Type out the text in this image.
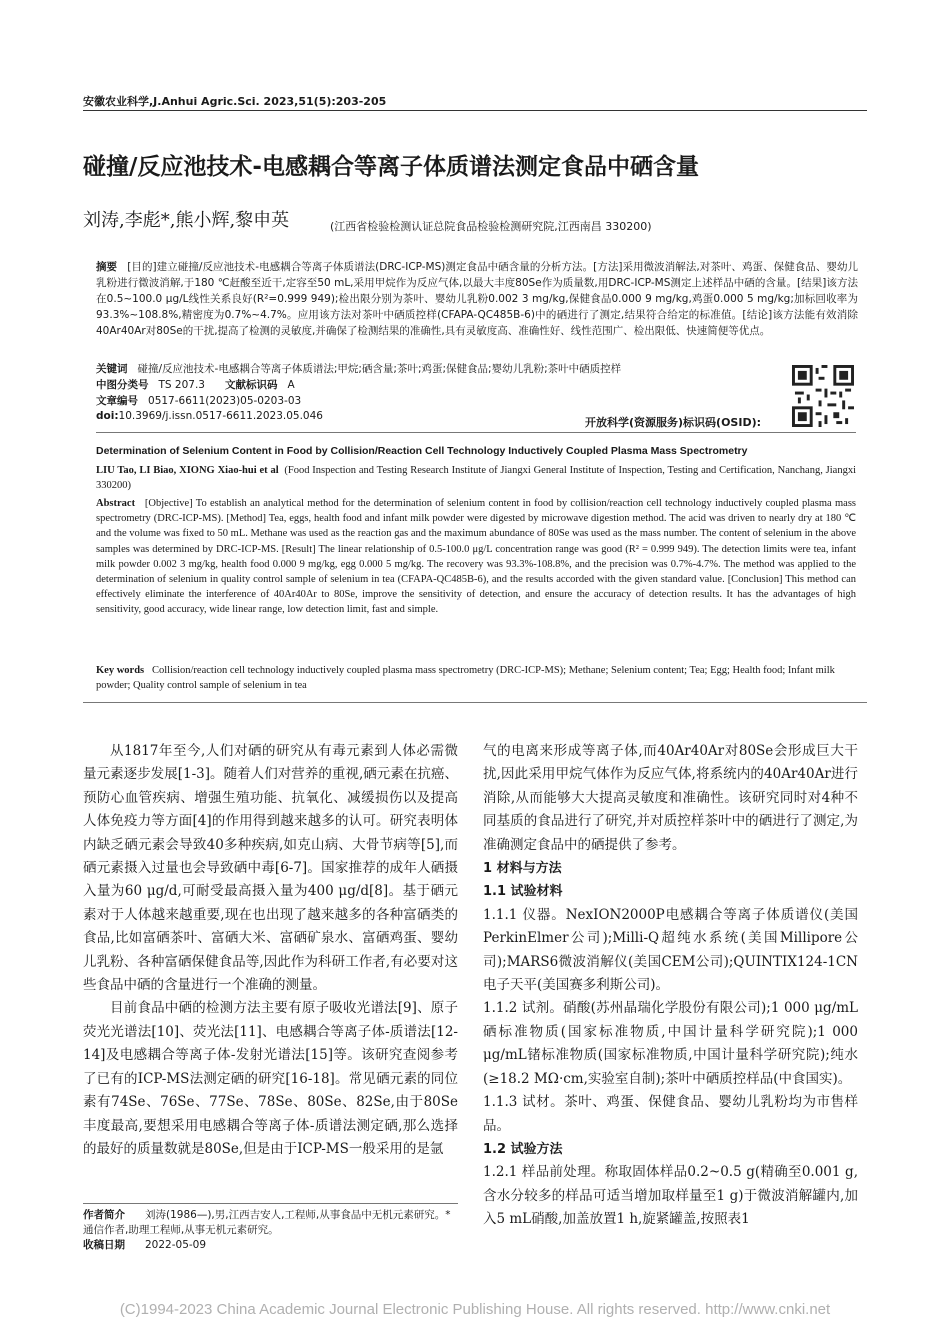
安徽农业科学,J.Anhui Agric.Sci. 2023,51(5):203-205
碰撞/反应池技术-电感耦合等离子体质谱法测定食品中硒含量
刘涛,李彪*,熊小辉,黎申英	(江西省检验检测认证总院食品检验检测研究院,江西南昌 330200)
摘要 [目的]建立碰撞/反应池技术-电感耦合等离子体质谱法(DRC-ICP-MS)测定食品中硒含量的分析方法。[方法]采用微波消解法,对茶叶、鸡蛋、保健食品、婴幼儿乳粉进行微波消解,于180 ℃赶酸至近干,定容至50 mL,采用甲烷作为反应气体,以最大丰度80Se作为质量数,用DRC-ICP-MS测定上述样品中硒的含量。[结果]该方法在0.5~100.0 μg/L线性关系良好(R²=0.999 949);检出限分别为茶叶、婴幼儿乳粉0.002 3 mg/kg,保健食品0.000 9 mg/kg,鸡蛋0.000 5 mg/kg;加标回收率为93.3%~108.8%,精密度为0.7%~4.7%。应用该方法对茶叶中硒质控样(CFAPA-QC485B-6)中的硒进行了测定,结果符合给定的标准值。[结论]该方法能有效消除40Ar40Ar对80Se的干扰,提高了检测的灵敏度,并确保了检测结果的准确性,具有灵敏度高、准确性好、线性范围广、检出限低、快速简便等优点。
关键词 碰撞/反应池技术-电感耦合等离子体质谱法;甲烷;硒含量;茶叶;鸡蛋;保健食品;婴幼儿乳粉;茶叶中硒质控样
中图分类号 TS 207.3 文献标识码 A
文章编号 0517-6611(2023)05-0203-03
doi:10.3969/j.issn.0517-6611.2023.05.046	开放科学(资源服务)标识码(OSID):
Determination of Selenium Content in Food by Collision/Reaction Cell Technology Inductively Coupled Plasma Mass Spectrometry
LIU Tao, LI Biao, XIONG Xiao-hui et al (Food Inspection and Testing Research Institute of Jiangxi General Institute of Inspection, Testing and Certification, Nanchang, Jiangxi 330200)
Abstract [Objective] To establish an analytical method for the determination of selenium content in food by collision/reaction cell technology inductively coupled plasma mass spectrometry (DRC-ICP-MS). [Method] Tea, eggs, health food and infant milk powder were digested by microwave digestion method. The acid was driven to nearly dry at 180 ℃ and the volume was fixed to 50 mL. Methane was used as the reaction gas and the maximum abundance of 80Se was used as the mass number. The content of selenium in the above samples was determined by DRC-ICP-MS. [Result] The linear relationship of 0.5-100.0 μg/L concentration range was good (R² = 0.999 949). The detection limits were tea, infant milk powder 0.002 3 mg/kg, health food 0.000 9 mg/kg, egg 0.000 5 mg/kg. The recovery was 93.3%-108.8%, and the precision was 0.7%-4.7%. The method was applied to the determination of selenium in quality control sample of selenium in tea (CFAPA-QC485B-6), and the results accorded with the given standard value. [Conclusion] This method can effectively eliminate the interference of 40Ar40Ar to 80Se, improve the sensitivity of detection, and ensure the accuracy of detection results. It has the advantages of high sensitivity, good accuracy, wide linear range, low detection limit, fast and simple.
Key words Collision/reaction cell technology inductively coupled plasma mass spectrometry (DRC-ICP-MS); Methane; Selenium content; Tea; Egg; Health food; Infant milk powder; Quality control sample of selenium in tea

从1817年至今,人们对硒的研究从有毒元素到人体必需微量元素逐步发展[1-3]。随着人们对营养的重视,硒元素在抗癌、预防心血管疾病、增强生殖功能、抗氧化、减缓损伤以及提高人体免疫力等方面[4]的作用得到越来越多的认可。研究表明体内缺乏硒元素会导致40多种疾病,如克山病、大骨节病等[5],而硒元素摄入过量也会导致硒中毒[6-7]。国家推荐的成年人硒摄入量为60 μg/d,可耐受最高摄入量为400 μg/d[8]。基于硒元素对于人体越来越重要,现在也出现了越来越多的各种富硒类的食品,比如富硒茶叶、富硒大米、富硒矿泉水、富硒鸡蛋、婴幼儿乳粉、各种富硒保健食品等,因此作为科研工作者,有必要对这些食品中硒的含量进行一个准确的测量。

目前食品中硒的检测方法主要有原子吸收光谱法[9]、原子荧光光谱法[10]、荧光法[11]、电感耦合等离子体-质谱法[12-14]及电感耦合等离子体-发射光谱法[15]等。该研究查阅参考了已有的ICP-MS法测定硒的研究[16-18]。常见硒元素的同位素有74Se、76Se、77Se、78Se、80Se、82Se,由于80Se丰度最高,要想采用电感耦合等离子体-质谱法测定硒,那么选择的最好的质量数就是80Se,但是由于ICP-MS一般采用的是氩

气的电离来形成等离子体,而40Ar40Ar对80Se会形成巨大干扰,因此采用甲烷气体作为反应气体,将系统内的40Ar40Ar进行消除,从而能够大大提高灵敏度和准确性。该研究同时对4种不同基质的食品进行了研究,并对质控样茶叶中的硒进行了测定,为准确测定食品中的硒提供了参考。

1 材料与方法
1.1 试验材料

1.1.1 仪器。NexION2000P电感耦合等离子体质谱仪(美国PerkinElmer公司);Milli-Q超纯水系统(美国Millipore公司);MARS6微波消解仪(美国CEM公司);QUINTIX124-1CN电子天平(美国赛多利斯公司)。

1.1.2 试剂。硝酸(苏州晶瑞化学股份有限公司);1 000 μg/mL硒标准物质(国家标准物质,中国计量科学研究院);1 000 μg/mL锗标准物质(国家标准物质,中国计量科学研究院);纯水(≥18.2 MΩ·cm,实验室自制);茶叶中硒质控样品(中食国实)。

1.1.3 试材。茶叶、鸡蛋、保健食品、婴幼儿乳粉均为市售样品。

1.2 试验方法

1.2.1 样品前处理。称取固体样品0.2~0.5 g(精确至0.001 g,含水分较多的样品可适当增加取样量至1 g)于微波消解罐内,加入5 mL硝酸,加盖放置1 h,旋紧罐盖,按照表1

作者简介 刘涛(1986—),男,江西吉安人,工程师,从事食品中无机元素研究。*通信作者,助理工程师,从事无机元素研究。
收稿日期 2022-05-09
(C)1994-2023 China Academic Journal Electronic Publishing House. All rights reserved. http://www.cnki.net
